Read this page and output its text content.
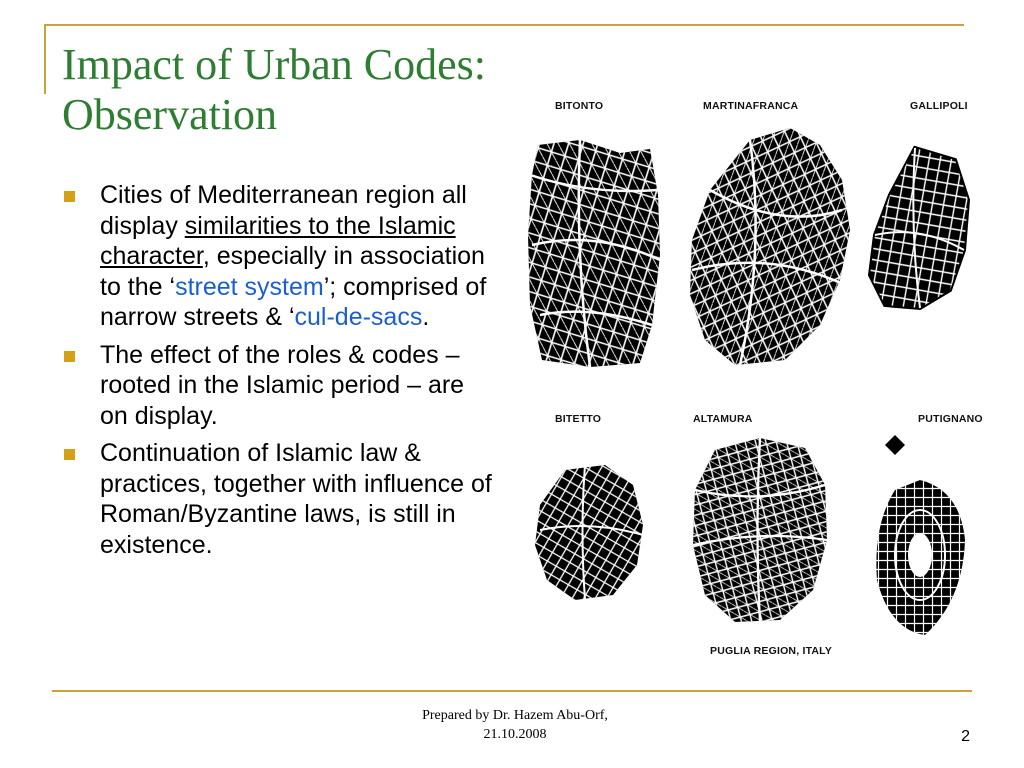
Impact of Urban Codes:
Observation
Cities of Mediterranean region all display similarities to the Islamic character, especially in association to the ‘street system’; comprised of narrow streets & ‘cul-de-sacs.
The effect of the roles & codes – rooted in the Islamic period – are on display.
Continuation of Islamic law & practices, together with influence of Roman/Byzantine laws, is still in existence.
BITONTO	MARTINAFRANCA	GALLIPOLI
BITETTO	ALTAMURA	PUTIGNANO
PUGLIA REGION, ITALY
Prepared by Dr. Hazem Abu-Orf,
21.10.2008	2
